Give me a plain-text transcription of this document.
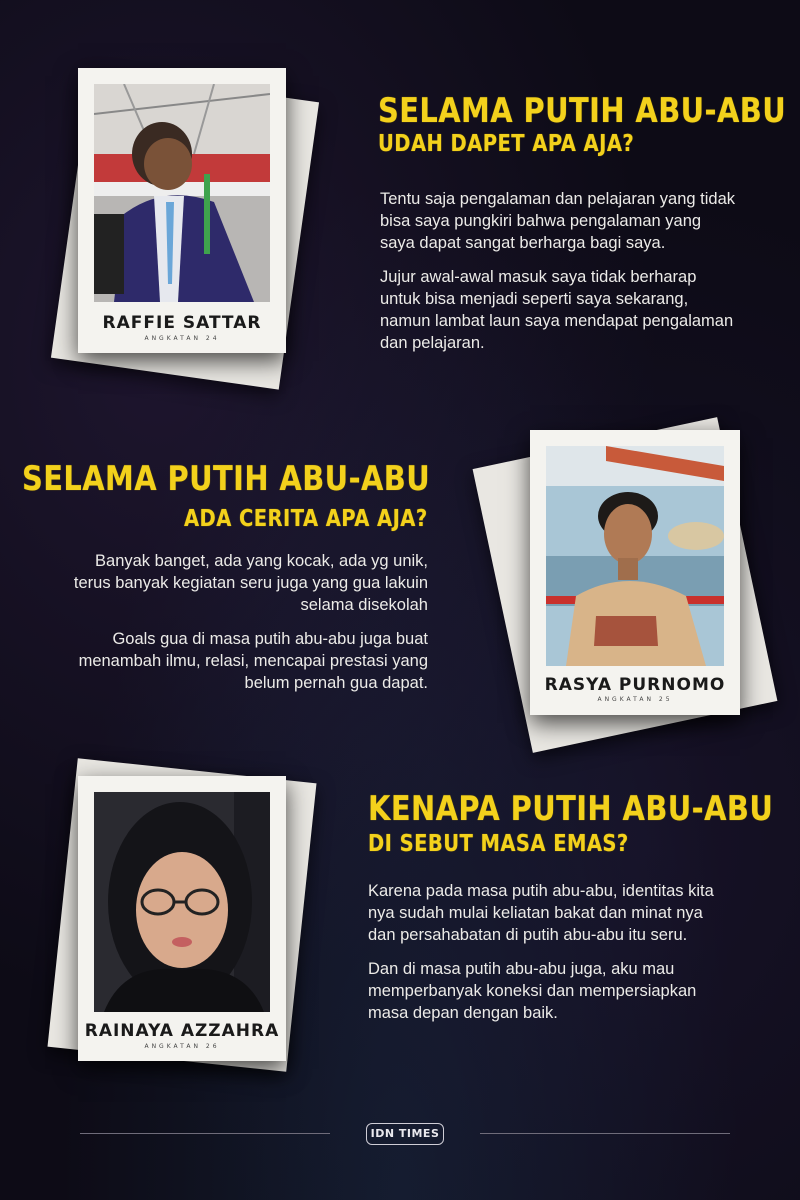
RAFFIE SATTAR
ANGKATAN 24
SELAMA PUTIH ABU-ABU
UDAH DAPET APA AJA?

Tentu saja pengalaman dan pelajaran yang tidak bisa saya pungkiri bahwa pengalaman yang saya dapat sangat berharga bagi saya.

Jujur awal-awal masuk saya tidak berharap untuk bisa menjadi seperti saya sekarang, namun lambat laun saya mendapat pengalaman dan pelajaran.

SELAMA PUTIH ABU-ABU
ADA CERITA APA AJA?

Banyak banget, ada yang kocak, ada yg unik, terus banyak kegiatan seru juga yang gua lakuin selama disekolah

Goals gua di masa putih abu-abu juga buat menambah ilmu, relasi, mencapai prestasi yang belum pernah gua dapat.	RASYA PURNOMO
ANGKATAN 25
RAINAYA AZZAHRA
ANGKATAN 26
KENAPA PUTIH ABU-ABU
DI SEBUT MASA EMAS?

Karena pada masa putih abu-abu, identitas kita nya sudah mulai keliatan bakat dan minat nya dan persahabatan di putih abu-abu itu seru.

Dan di masa putih abu-abu juga, aku mau memperbanyak koneksi dan mempersiapkan masa depan dengan baik.

IDN TIMES
